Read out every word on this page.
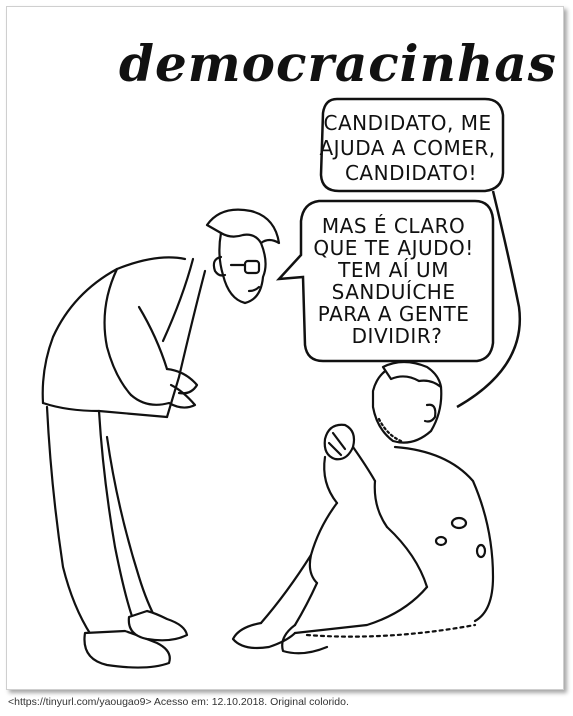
democracinhas
CANDIDATO, ME AJUDA A COMER, CANDIDATO!
MAS É CLARO QUE TE AJUDO! TEM AÍ UM SANDUÍCHE PARA A GENTE DIVIDIR?
<https://tinyurl.com/yaougao9> Acesso em: 12.10.2018. Original colorido.
